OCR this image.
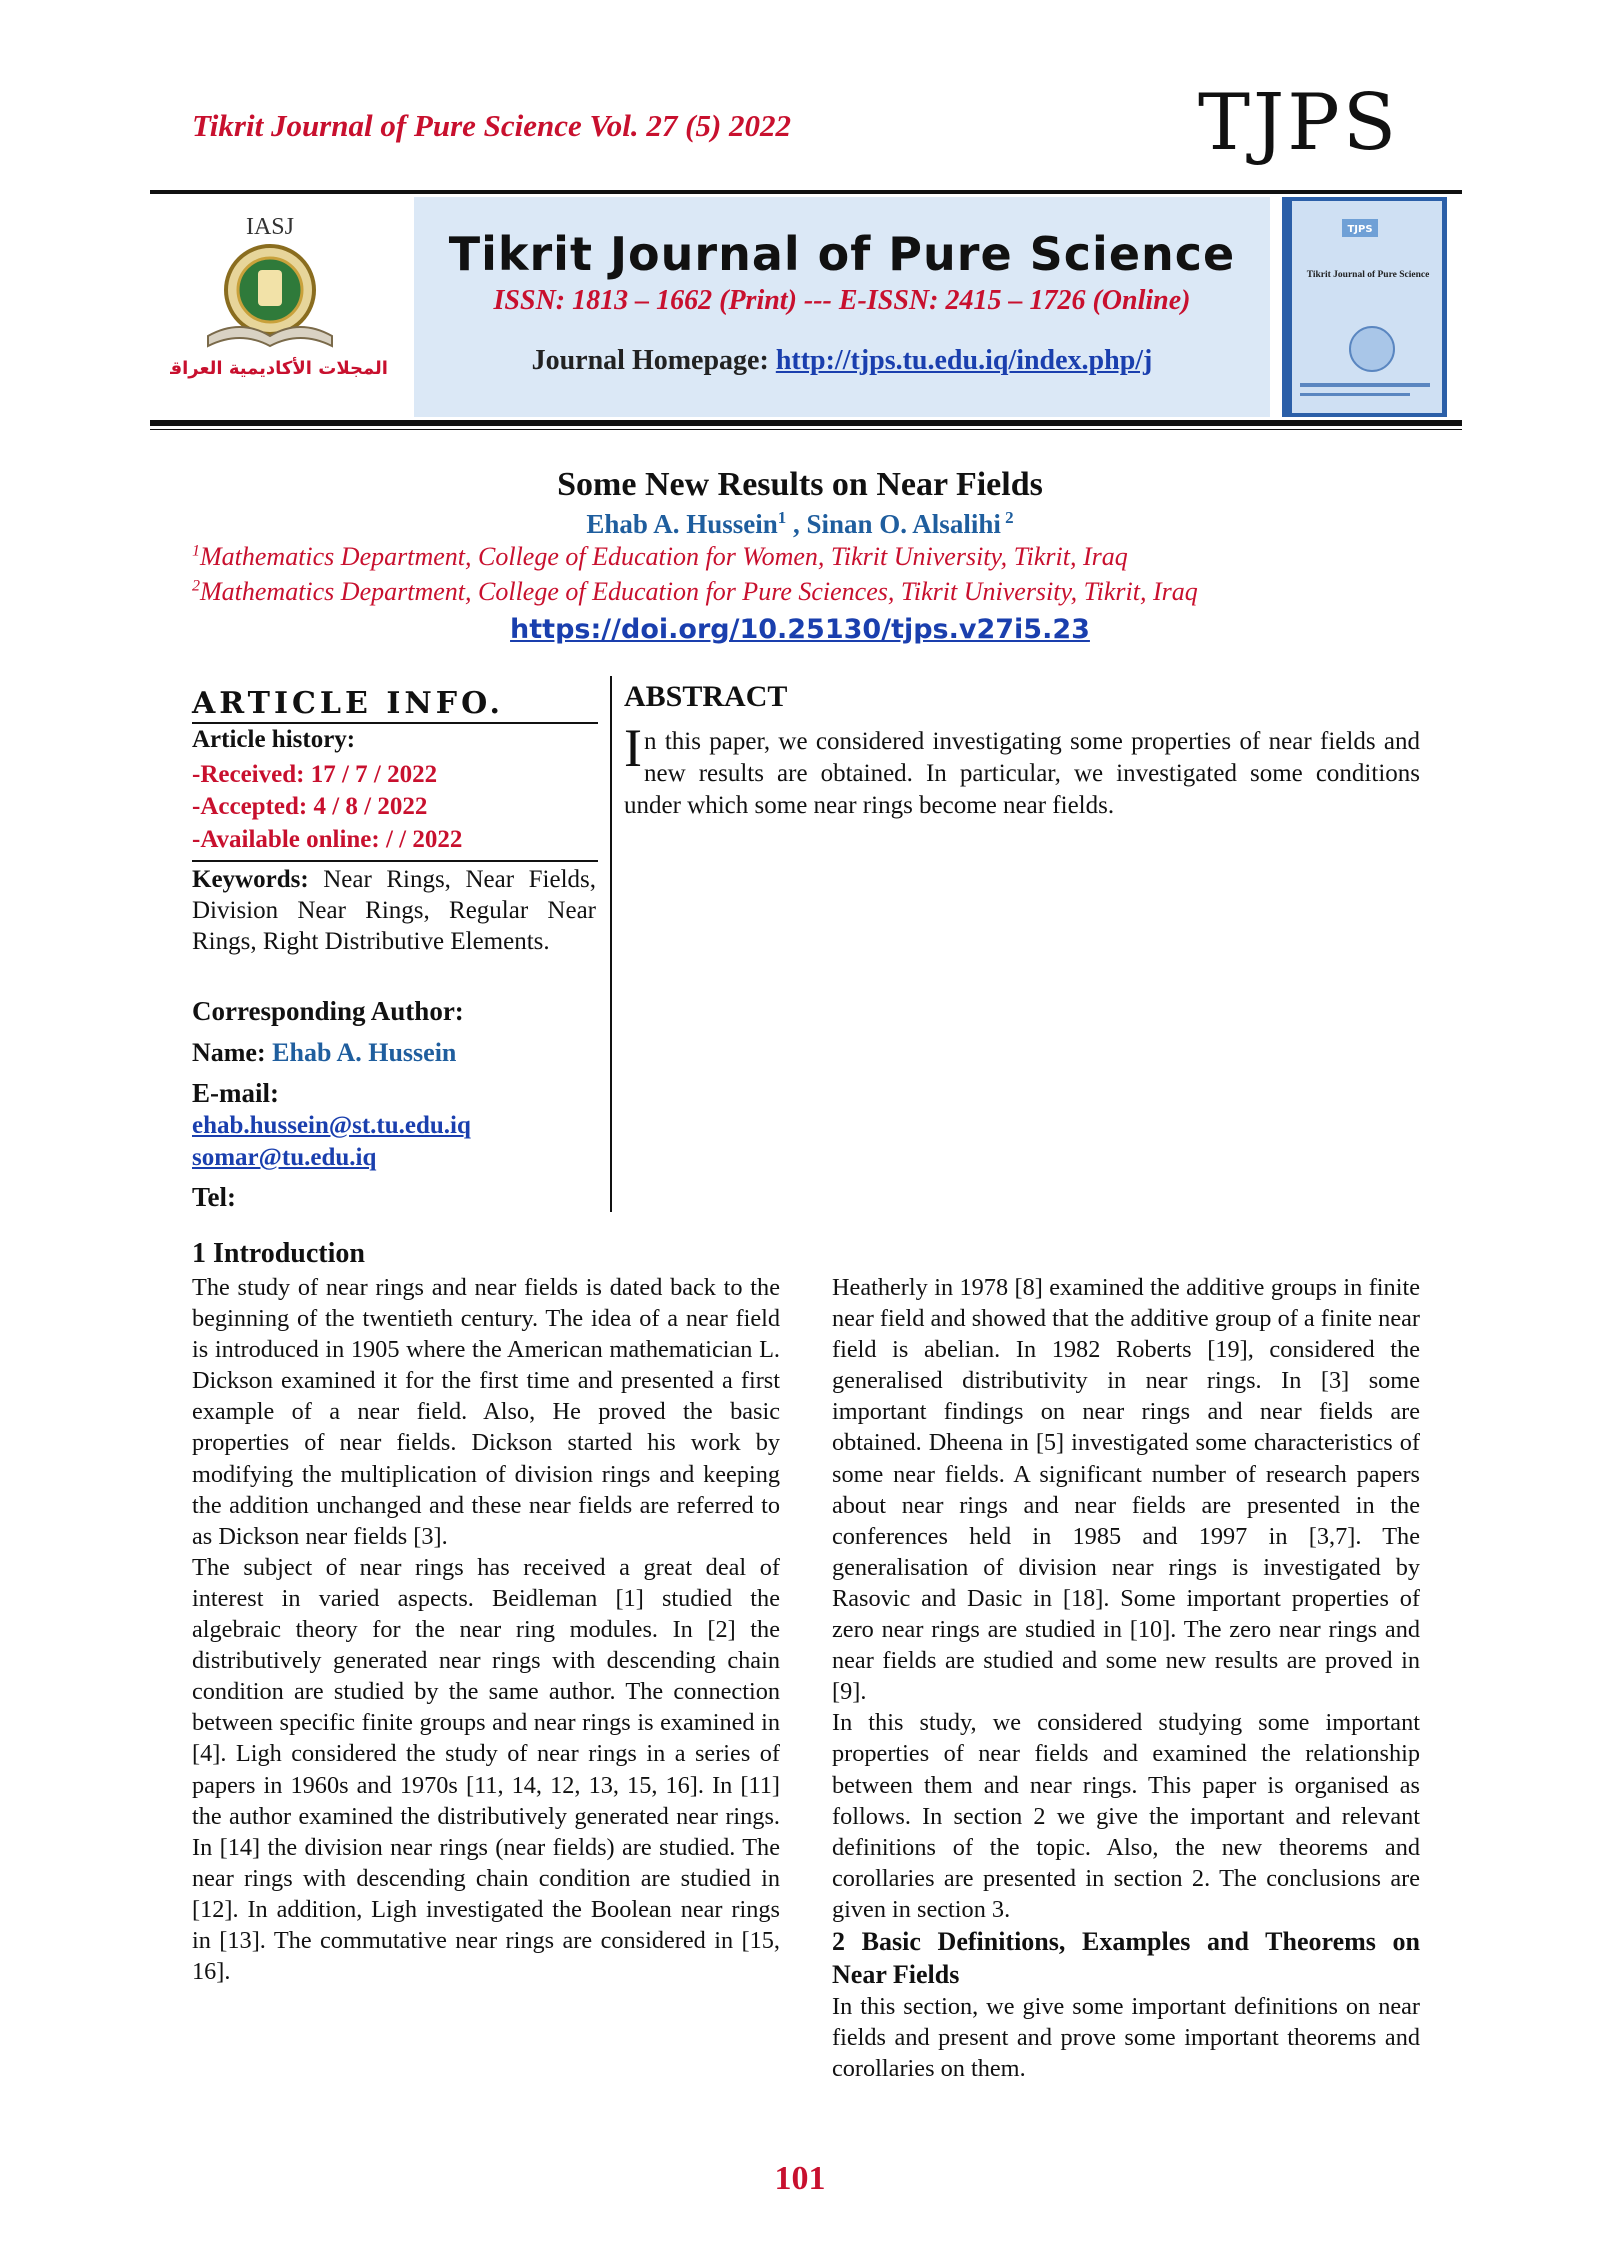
Tikrit Journal of Pure Science Vol. 27 (5) 2022	TJPS
IASJ
المجلات الأكاديمية العراقية
Tikrit Journal of Pure Science
ISSN: 1813 – 1662 (Print) --- E-ISSN: 2415 – 1726 (Online)
Journal Homepage: http://tjps.tu.edu.iq/index.php/j
TJPS
Tikrit Journal of Pure Science
Some New Results on Near Fields
Ehab A. Hussein$^1$ , Sinan O. Alsalihi $^2$
$^1$Mathematics Department, College of Education for Women, Tikrit University, Tikrit, Iraq
$^2$Mathematics Department, College of Education for Pure Sciences, Tikrit University, Tikrit, Iraq
https://doi.org/10.25130/tjps.v27i5.23
ARTICLE INFO.
Article history:
-Received: 17 / 7 / 2022
-Accepted: 4 / 8 / 2022
-Available online: / / 2022
Keywords: Near Rings, Near Fields, Division Near Rings, Regular Near Rings, Right Distributive Elements.
Corresponding Author:
Name: Ehab A. Hussein
E-mail:
ehab.hussein@st.tu.edu.iq
somar@tu.edu.iq
Tel:
ABSTRACT
In this paper, we considered investigating some properties of near fields and new results are obtained. In particular, we investigated some conditions under which some near rings become near fields.
1 Introduction

The study of near rings and near fields is dated back to the beginning of the twentieth century. The idea of a near field is introduced in 1905 where the American mathematician L. Dickson examined it for the first time and presented a first example of a near field. Also, He proved the basic properties of near fields. Dickson started his work by modifying the multiplication of division rings and keeping the addition unchanged and these near fields are referred to as Dickson near fields [3].

The subject of near rings has received a great deal of interest in varied aspects. Beidleman [1] studied the algebraic theory for the near ring modules. In [2] the distributively generated near rings with descending chain condition are studied by the same author. The connection between specific finite groups and near rings is examined in [4]. Ligh considered the study of near rings in a series of papers in 1960s and 1970s [11, 14, 12, 13, 15, 16]. In [11] the author examined the distributively generated near rings. In [14] the division near rings (near fields) are studied. The near rings with descending chain condition are studied in [12]. In addition, Ligh investigated the Boolean near rings in [13]. The commutative near rings are considered in [15, 16].

Heatherly in 1978 [8] examined the additive groups in finite near field and showed that the additive group of a finite near field is abelian. In 1982 Roberts [19], considered the generalised distributivity in near rings. In [3] some important findings on near rings and near fields are obtained. Dheena in [5] investigated some characteristics of some near fields. A significant number of research papers about near rings and near fields are presented in the conferences held in 1985 and 1997 in [3,7]. The generalisation of division near rings is investigated by Rasovic and Dasic in [18]. Some important properties of zero near rings are studied in [10]. The zero near rings and near fields are studied and some new results are proved in [9].

In this study, we considered studying some important properties of near fields and examined the relationship between them and near rings. This paper is organised as follows. In section 2 we give the important and relevant definitions of the topic. Also, the new theorems and corollaries are presented in section 2. The conclusions are given in section 3.

2 Basic Definitions, Examples and Theorems on Near Fields

In this section, we give some important definitions on near fields and present and prove some important theorems and corollaries on them.

101
